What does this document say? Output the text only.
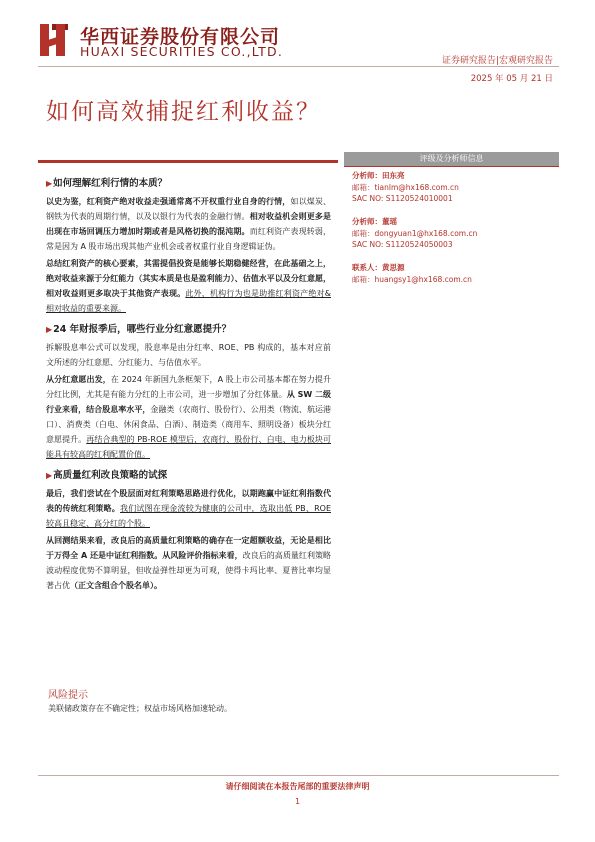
华西证券股份有限公司
HUAXI SECURITIES CO.,LTD.
证券研究报告|宏观研究报告
2025 年 05 月 21 日
如何高效捕捉红利收益？
▶如何理解红利行情的本质？

以史为鉴，红利资产绝对收益走强通常离不开权重行业自身的行情，如以煤炭、钢铁为代表的周期行情，以及以银行为代表的金融行情。相对收益机会则更多是出现在市场回调压力增加时期或者是风格切换的混沌期。而红利资产表现转弱，常是因为 A 股市场出现其他产业机会或者权重行业自身逻辑证伪。

总结红利资产的核心要素，其需提倡投资是能够长期稳健经营，在此基础之上，绝对收益来源于分红能力（其实本质是也是盈利能力）、估值水平以及分红意愿，相对收益则更多取决于其他资产表现。此外，机构行为也是助推红利资产绝对&相对收益的重要来源。

▶24 年财报季后，哪些行业分红意愿提升？

拆解股息率公式可以发现，股息率是由分红率、ROE、PB 构成的，基本对应前文所述的分红意愿、分红能力、与估值水平。

从分红意愿出发，在 2024 年新国九条框架下，A 股上市公司基本都在努力提升分红比例，尤其是有能力分红的上市公司，进一步增加了分红体量。从 SW 二级行业来看，结合股息率水平，金融类（农商行、股份行）、公用类（物流、航运港口）、消费类（白电、休闲食品、白酒）、制造类（商用车、照明设备）板块分红意愿提升。再结合典型的 PB-ROE 模型后，农商行、股份行、白电、电力板块可能具有较高的红利配置价值。

▶高质量红利改良策略的试探

最后，我们尝试在个股层面对红利策略思路进行优化，以期跑赢中证红利指数代表的传统红利策略。我们试图在现金流较为健康的公司中，选取出低 PB、ROE 较高且稳定、高分红的个股。

从回测结果来看，改良后的高质量红利策略的确存在一定超额收益，无论是相比于万得全 A 还是中证红利指数。从风险评价指标来看，改良后的高质量红利策略波动程度优势不算明显，但收益弹性却更为可观，使得卡玛比率、夏普比率均显著占优（正文含组合个股名单）。

风险提示
美联储政策存在不确定性；权益市场风格加速轮动。
评级及分析师信息
分析师：田东亮
邮箱：tianlm@hx168.com.cn
SAC NO: S1120524010001
分析师：董瑶
邮箱：dongyuan1@hx168.com.cn
SAC NO: S1120524050003
联系人：黄思源
邮箱：huangsy1@hx168.com.cn
请仔细阅读在本报告尾部的重要法律声明
1
